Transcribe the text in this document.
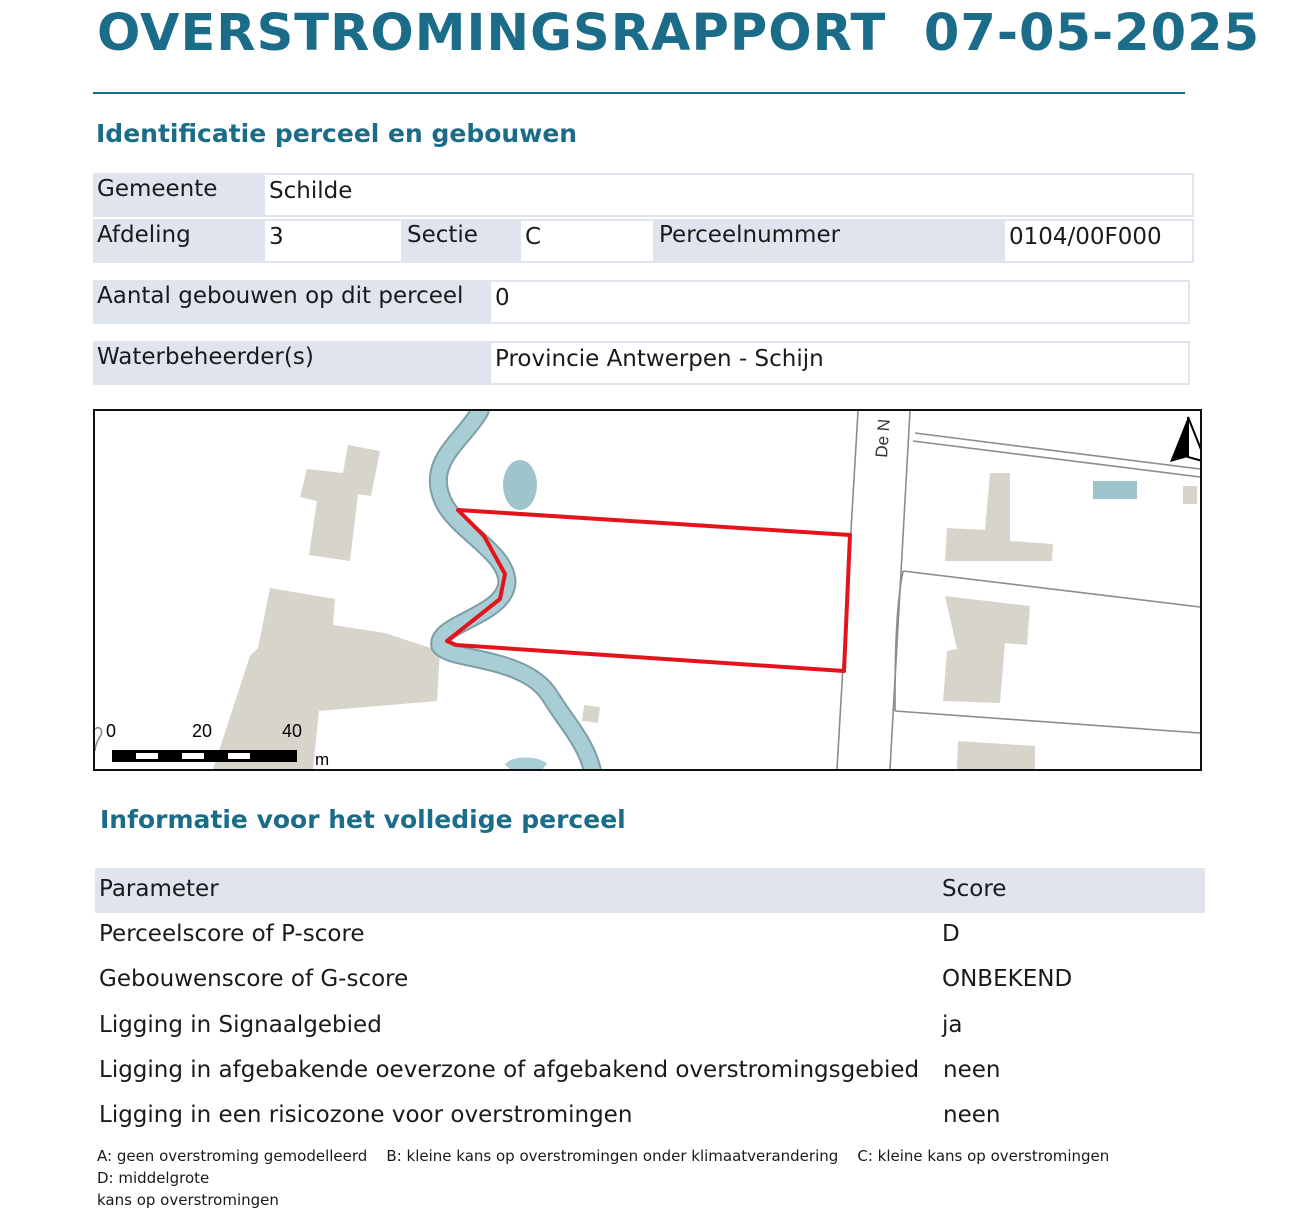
OVERSTROMINGSRAPPORT 07-05-2025
Identificatie perceel en gebouwen
Gemeente	Schilde
Afdeling	3	Sectie	C	Perceelnummer	0104/00F000
Aantal gebouwen op dit perceel	0
Waterbeheerder(s)	Provincie Antwerpen - Schijn
De N
0	20	40
m
Informatie voor het volledige perceel
Parameter	Score
Perceelscore of P-score	D
Gebouwenscore of G-score	ONBEKEND
Ligging in Signaalgebied	ja
Ligging in afgebakende oeverzone of afgebakend overstromingsgebied neen
Ligging in een risicozone voor overstromingen	neen
A: geen overstroming gemodelleerd B: kleine kans op overstromingen onder klimaatverandering C: kleine kans op overstromingen    D: middelgrote
kans op overstromingen
